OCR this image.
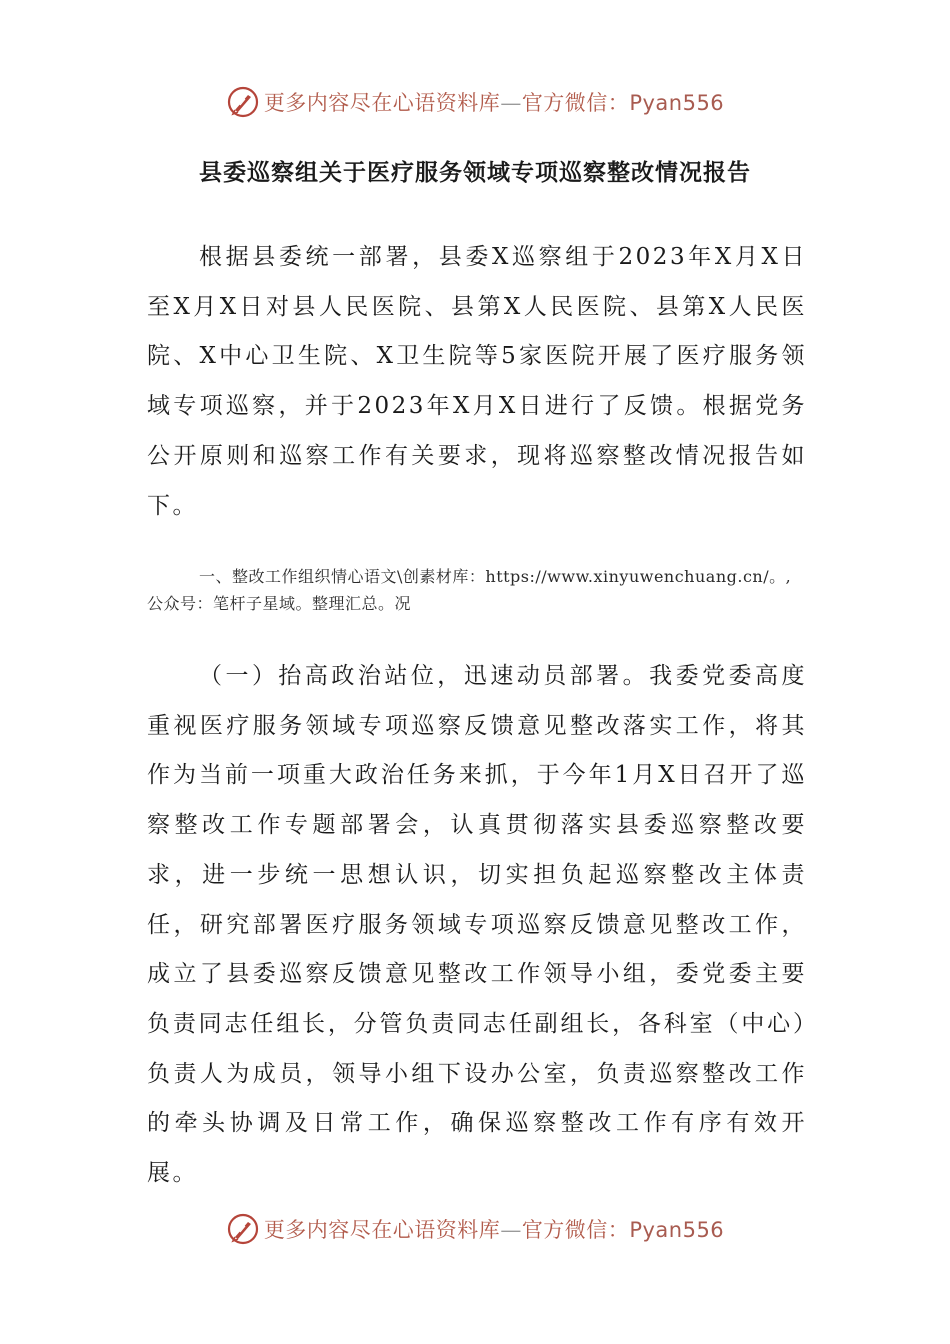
更多内容尽在心语资料库—官方微信：Pyan556
县委巡察组关于医疗服务领域专项巡察整改情况报告

根据县委统一部署，县委X巡察组于2023年X月X日至X月X日对县人民医院、县第X人民医院、县第X人民医院、X中心卫生院、X卫生院等5家医院开展了医疗服务领域专项巡察，并于2023年X月X日进行了反馈。根据党务公开原则和巡察工作有关要求，现将巡察整改情况报告如下。

一、整改工作组织情心语文\创素材库：https://www.xinyuwenchuang.cn/。,公众号：笔杆子星域。整理汇总。况

（一）抬高政治站位，迅速动员部署。我委党委高度重视医疗服务领域专项巡察反馈意见整改落实工作，将其作为当前一项重大政治任务来抓，于今年1月X日召开了巡察整改工作专题部署会，认真贯彻落实县委巡察整改要求，进一步统一思想认识，切实担负起巡察整改主体责任，研究部署医疗服务领域专项巡察反馈意见整改工作，成立了县委巡察反馈意见整改工作领导小组，委党委主要负责同志任组长，分管负责同志任副组长，各科室（中心）负责人为成员，领导小组下设办公室，负责巡察整改工作的牵头协调及日常工作，确保巡察整改工作有序有效开展。

更多内容尽在心语资料库—官方微信：Pyan556
